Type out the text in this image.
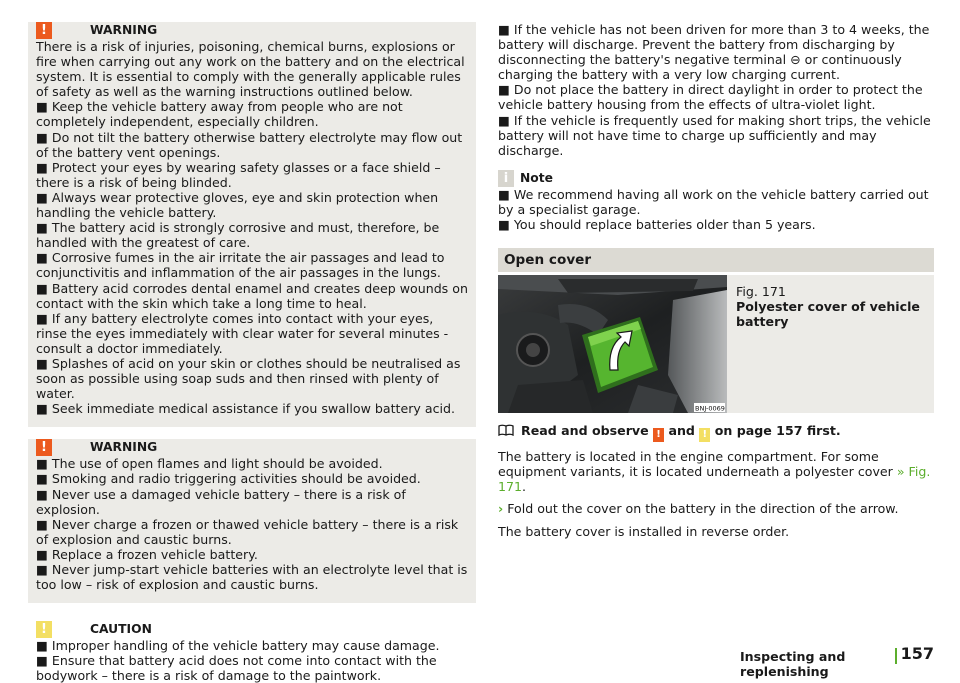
!	WARNING

There is a risk of injuries, poisoning, chemical burns, explosions or fire when carrying out any work on the battery and on the electrical system. It is essential to comply with the generally applicable rules of safety as well as the warning instructions outlined below.

■ Keep the vehicle battery away from people who are not completely independent, especially children.

■ Do not tilt the battery otherwise battery electrolyte may flow out of the battery vent openings.

■ Protect your eyes by wearing safety glasses or a face shield – there is a risk of being blinded.

■ Always wear protective gloves, eye and skin protection when handling the vehicle battery.

■ The battery acid is strongly corrosive and must, therefore, be handled with the greatest of care.

■ Corrosive fumes in the air irritate the air passages and lead to conjunctivitis and inflammation of the air passages in the lungs.

■ Battery acid corrodes dental enamel and creates deep wounds on contact with the skin which take a long time to heal.

■ If any battery electrolyte comes into contact with your eyes, rinse the eyes immediately with clear water for several minutes - consult a doctor immediately.

■ Splashes of acid on your skin or clothes should be neutralised as soon as possible using soap suds and then rinsed with plenty of water.

■ Seek immediate medical assistance if you swallow battery acid.

!	WARNING

■ The use of open flames and light should be avoided.

■ Smoking and radio triggering activities should be avoided.

■ Never use a damaged vehicle battery – there is a risk of explosion.

■ Never charge a frozen or thawed vehicle battery – there is a risk of explosion and caustic burns.

■ Replace a frozen vehicle battery.

■ Never jump-start vehicle batteries with an electrolyte level that is too low – risk of explosion and caustic burns.

!	CAUTION

■ Improper handling of the vehicle battery may cause damage.

■ Ensure that battery acid does not come into contact with the bodywork – there is a risk of damage to the paintwork.

■ If the vehicle has not been driven for more than 3 to 4 weeks, the battery will discharge. Prevent the battery from discharging by disconnecting the battery's negative terminal ⊖ or continuously charging the battery with a very low charging current.

■ Do not place the battery in direct daylight in order to protect the vehicle battery housing from the effects of ultra-violet light.

■ If the vehicle is frequently used for making short trips, the vehicle battery will not have time to charge up sufficiently and may discharge.

i Note

■ We recommend having all work on the vehicle battery carried out by a specialist garage.

■ You should replace batteries older than 5 years.

Open cover
BNJ-0069
Fig. 171
Polyester cover of vehicle battery
Read and observe ! and ! on page 157 first.

The battery is located in the engine compartment. For some equipment variants, it is located underneath a polyester cover » Fig. 171.

› Fold out the cover on the battery in the direction of the arrow.

The battery cover is installed in reverse order.

Inspecting and replenishing
157
